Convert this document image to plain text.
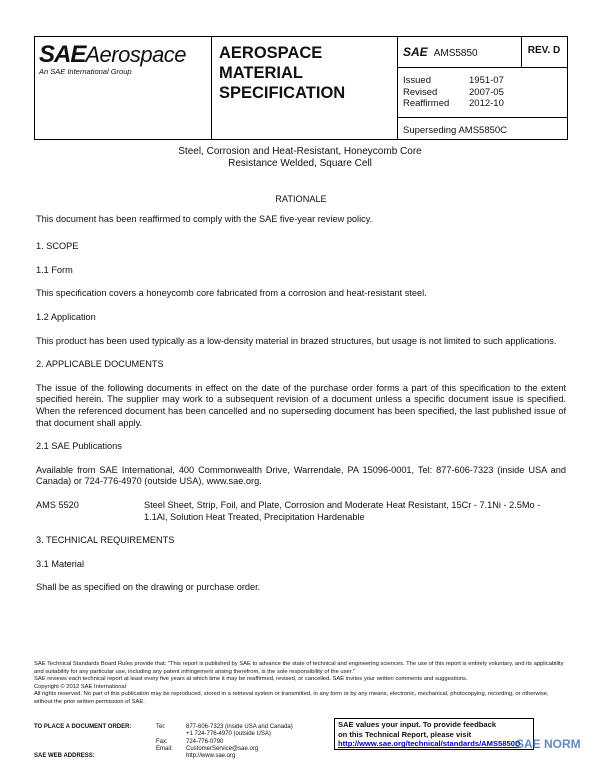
SAEAerospace
An SAE International Group
AEROSPACE
MATERIAL
SPECIFICATION
SAE AMS5850	REV. D
Issued	1951-07
Revised	2007-05
Reaffirmed	2012-10
Superseding AMS5850C
Steel, Corrosion and Heat-Resistant, Honeycomb Core
Resistance Welded, Square Cell

RATIONALE

This document has been reaffirmed to comply with the SAE five-year review policy.

1. SCOPE

1.1 Form

This specification covers a honeycomb core fabricated from a corrosion and heat-resistant steel.

1.2 Application

This product has been used typically as a low-density material in brazed structures, but usage is not limited to such applications.

2. APPLICABLE DOCUMENTS

The issue of the following documents in effect on the date of the purchase order forms a part of this specification to the extent specified herein. The supplier may work to a subsequent revision of a document unless a specific document issue is specified. When the referenced document has been cancelled and no superseding document has been specified, the last published issue of that document shall apply.

2.1 SAE Publications

Available from SAE International, 400 Commonwealth Drive, Warrendale, PA 15096-0001, Tel: 877-606-7323 (inside USA and Canada) or 724-776-4970 (outside USA), www.sae.org.

AMS 5520	Steel Sheet, Strip, Foil, and Plate, Corrosion and Moderate Heat Resistant, 15Cr - 7.1Ni - 2.5Mo - 1.1Al, Solution Heat Treated, Precipitation Hardenable

3. TECHNICAL REQUIREMENTS

3.1 Material

Shall be as specified on the drawing or purchase order.

SAE Technical Standards Board Rules provide that: "This report is published by SAE to advance the state of technical and engineering sciences. The use of this report is entirely voluntary, and its applicability and suitability for any particular use, including any patent infringement arising therefrom, is the sole responsibility of the user."

SAE reviews each technical report at least every five years at which time it may be reaffirmed, revised, or cancelled. SAE invites your written comments and suggestions.

Copyright © 2012 SAE International

All rights reserved. No part of this publication may be reproduced, stored in a retrieval system or transmitted, in any form or by any means, electronic, mechanical, photocopying, recording, or otherwise, without the prior written permission of SAE.

TO PLACE A DOCUMENT ORDER:	Tel:	877-606-7323 (inside USA and Canada)
+1 724-776-4970 (outside USA)
Fax:	724-776-0790
Email:	CustomerService@sae.org
SAE WEB ADDRESS:	http://www.sae.org
SAE values your input. To provide feedback
on this Technical Report, please visit
http://www.sae.org/technical/standards/AMS5850D
SAE NORM
